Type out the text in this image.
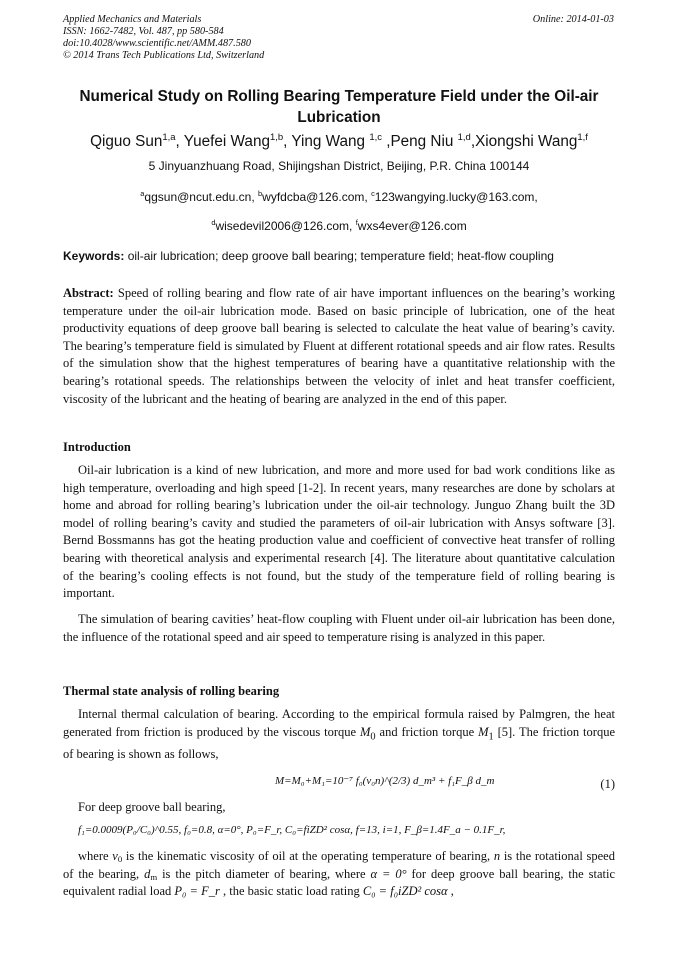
Applied Mechanics and Materials
ISSN: 1662-7482, Vol. 487, pp 580-584
doi:10.4028/www.scientific.net/AMM.487.580
© 2014 Trans Tech Publications Ltd, Switzerland
Online: 2014-01-03
Numerical Study on Rolling Bearing Temperature Field under the Oil-air
Lubrication
Qiguo Sun$^{1,a}$, Yuefei Wang$^{1,b}$, Ying Wang $^{1,c}$ ,Peng Niu $^{1,d}$,Xiongshi Wang$^{1,f}$
5 Jinyuanzhuang Road, Shijingshan District, Beijing, P.R. China 100144
$^a$qgsun@ncut.edu.cn, $^b$wyfdcba@126.com, $^c$123wangying.lucky@163.com,
$^d$wisedevil2006@126.com, $^f$wxs4ever@126.com
Keywords: oil-air lubrication; deep groove ball bearing; temperature field; heat-flow coupling
Abstract: Speed of rolling bearing and flow rate of air have important influences on the bearing’s working temperature under the oil-air lubrication mode. Based on basic principle of lubrication, one of the heat productivity equations of deep groove ball bearing is selected to calculate the heat value of bearing’s cavity. The bearing’s temperature field is simulated by Fluent at different rotational speeds and air flow rates. Results of the simulation show that the highest temperatures of bearing have a quantitative relationship with the bearing’s rotational speeds. The relationships between the velocity of inlet and heat transfer coefficient, viscosity of the lubricant and the heating of bearing are analyzed in the end of this paper.
Introduction
Oil-air lubrication is a kind of new lubrication, and more and more used for bad work conditions like as high temperature, overloading and high speed [1-2]. In recent years, many researches are done by scholars at home and abroad for rolling bearing’s lubrication under the oil-air technology. Junguo Zhang built the 3D model of rolling bearing’s cavity and studied the parameters of oil-air lubrication with Ansys software [3]. Bernd Bossmanns has got the heating production value and coefficient of convective heat transfer of rolling bearing with theoretical analysis and experimental research [4]. The literature about quantitative calculation of the bearing’s cooling effects is not found, but the study of the temperature field of rolling bearing is important.
The simulation of bearing cavities’ heat-flow coupling with Fluent under oil-air lubrication has been done, the influence of the rotational speed and air speed to temperature rising is analyzed in this paper.
Thermal state analysis of rolling bearing
Internal thermal calculation of bearing. According to the empirical formula raised by Palmgren, the heat generated from friction is produced by the viscous torque $M_0$ and friction torque $M_1$ [5]. The friction torque of bearing is shown as follows,
M=M₀+M₁=10⁻⁷ f₀(ν₀n)^(2/3) d_m³ + f₁F_β d_m	(1)
For deep groove ball bearing,
f₁=0.0009(P₀/C₀)^0.55, f₀=0.8, α=0°, P₀=F_r, C₀=fiZD² cosα, f=13, i=1, F_β=1.4F_a − 0.1F_r,
where $v_0$ is the kinematic viscosity of oil at the operating temperature of bearing, n is the rotational speed of the bearing, $d_m$ is the pitch diameter of bearing, where α = 0° for deep groove ball bearing, the static equivalent radial load P₀ = F_r , the basic static load rating C₀ = f₀iZD² cosα ,
